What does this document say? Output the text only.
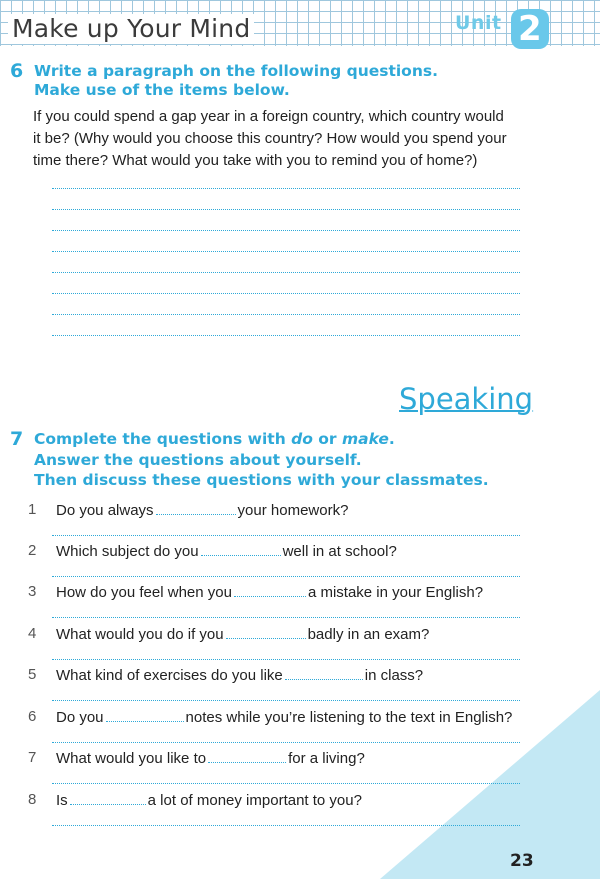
Make up Your Mind	Unit 2
6 Write a paragraph on the following questions.
Make use of the items below.
If you could spend a gap year in a foreign country, which country would
it be? (Why would you choose this country? How would you spend your
time there? What would you take with you to remind you of home?)
Speaking
7 Complete the questions with do or make.
Answer the questions about yourself.
Then discuss these questions with your classmates.
1 Do you always	your homework?
2 Which subject do you	well in at school?
3 How do you feel when you	a mistake in your English?
4 What would you do if you	badly in an exam?
5 What kind of exercises do you like	in class?
6 Do you	notes while you’re listening to the text in English?
7 What would you like to	for a living?
8 Is	a lot of money important to you?
23
